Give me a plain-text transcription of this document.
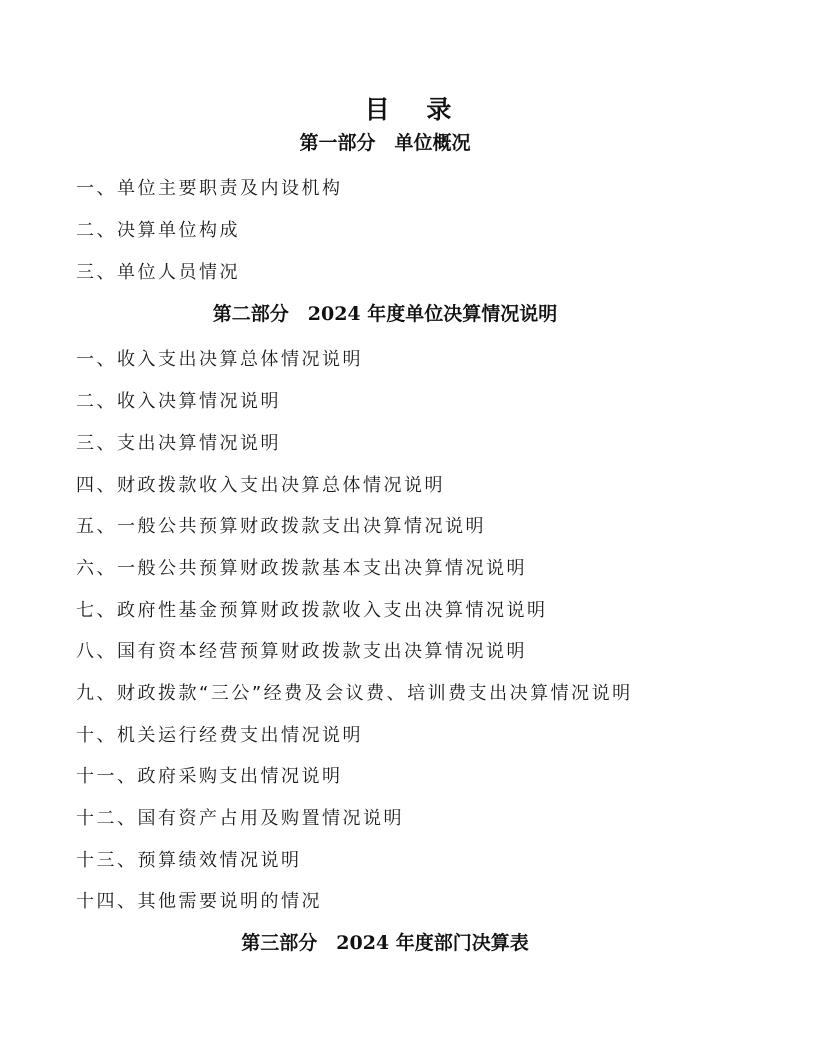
目 录
第一部分　单位概况
一、单位主要职责及内设机构
二、决算单位构成
三、单位人员情况
第二部分　2024 年度单位决算情况说明
一、收入支出决算总体情况说明
二、收入决算情况说明
三、支出决算情况说明
四、财政拨款收入支出决算总体情况说明
五、一般公共预算财政拨款支出决算情况说明
六、一般公共预算财政拨款基本支出决算情况说明
七、政府性基金预算财政拨款收入支出决算情况说明
八、国有资本经营预算财政拨款支出决算情况说明
九、财政拨款“三公”经费及会议费、培训费支出决算情况说明
十、机关运行经费支出情况说明
十一、政府采购支出情况说明
十二、国有资产占用及购置情况说明
十三、预算绩效情况说明
十四、其他需要说明的情况
第三部分　2024 年度部门决算表
